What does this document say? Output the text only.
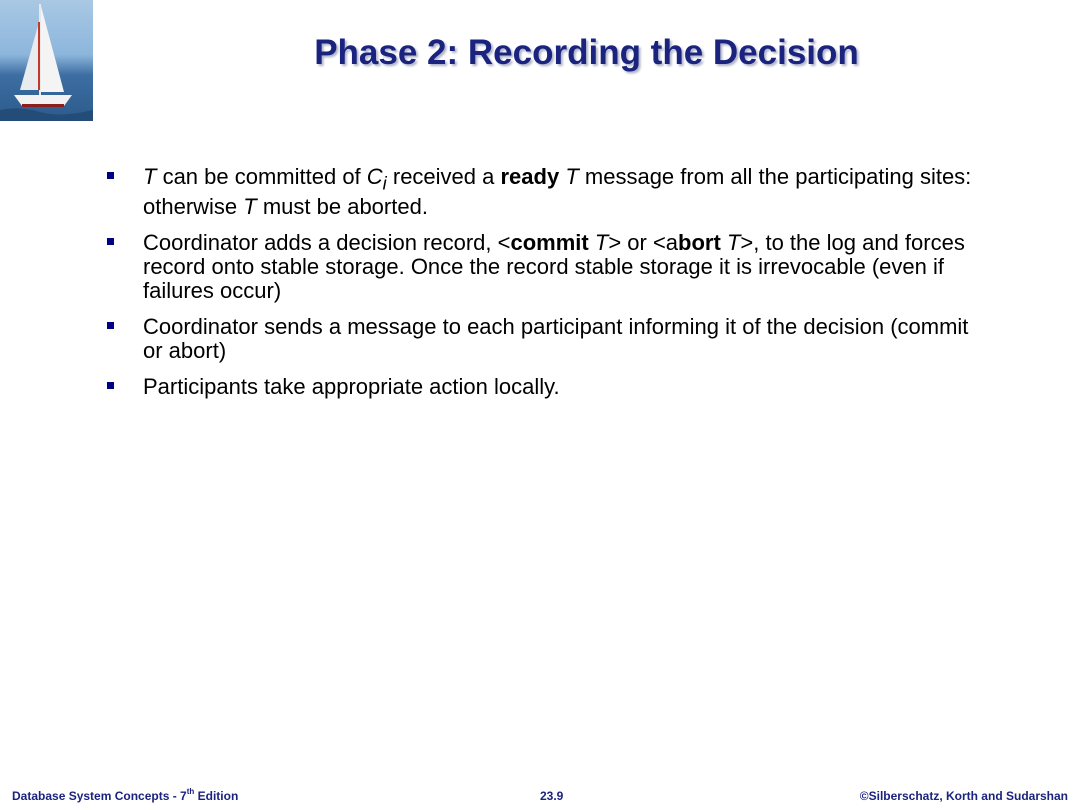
Phase 2: Recording the Decision
T can be committed of $C_i$ received a ready T message from all the participating sites: otherwise T must be aborted.
Coordinator adds a decision record, <commit T> or <abort T>, to the log and forces record onto stable storage. Once the record stable storage it is irrevocable (even if failures occur)
Coordinator sends a message to each participant informing it of the decision (commit or abort)
Participants take appropriate action locally.
Database System Concepts - 7th Edition	23.9	©Silberschatz, Korth and Sudarshan
